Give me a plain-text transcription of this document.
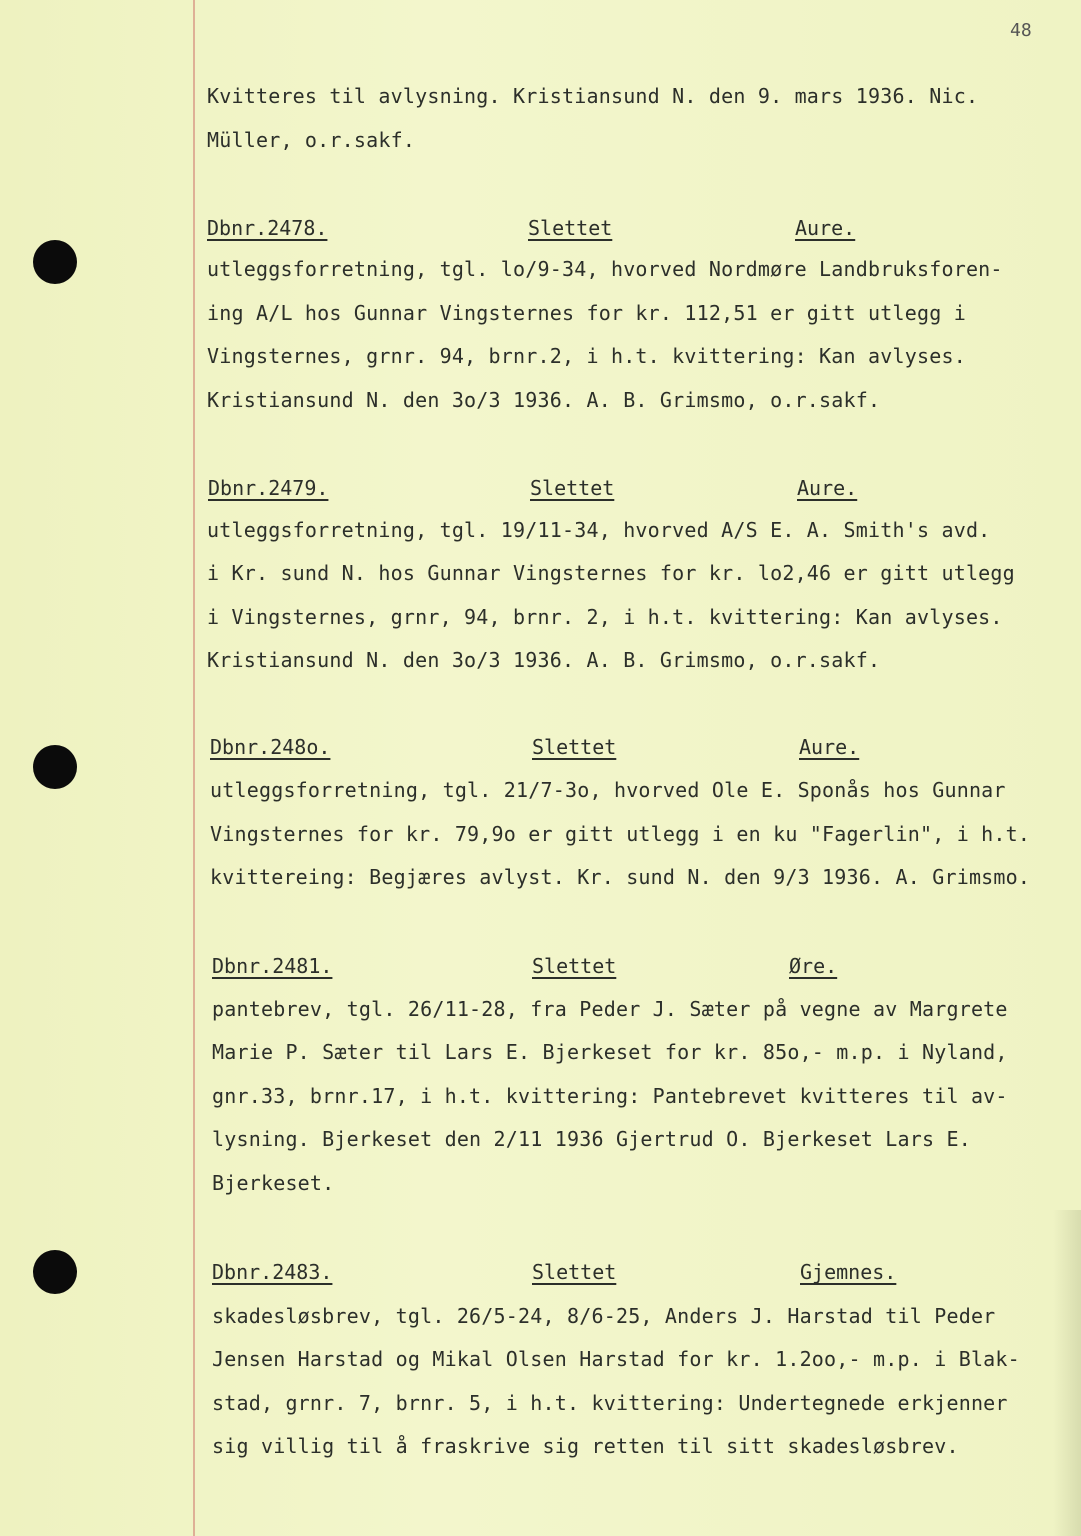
48
Kvitteres til avlysning. Kristiansund N. den 9. mars 1936. Nic.
Müller, o.r.sakf.
Dbnr.2478.	Slettet	Aure.
utleggsforretning, tgl. lo/9-34, hvorved Nordmøre Landbruksforen-
ing A/L hos Gunnar Vingsternes for kr. 112,51 er gitt utlegg i
Vingsternes, grnr. 94, brnr.2, i h.t. kvittering: Kan avlyses.
Kristiansund N. den 3o/3 1936. A. B. Grimsmo, o.r.sakf.
Dbnr.2479.	Slettet	Aure.
utleggsforretning, tgl. 19/11-34, hvorved A/S E. A. Smith's avd.
i Kr. sund N. hos Gunnar Vingsternes for kr. lo2,46 er gitt utlegg
i Vingsternes, grnr, 94, brnr. 2, i h.t. kvittering: Kan avlyses.
Kristiansund N. den 3o/3 1936. A. B. Grimsmo, o.r.sakf.
Dbnr.248o.	Slettet	Aure.
utleggsforretning, tgl. 21/7-3o, hvorved Ole E. Sponås hos Gunnar
Vingsternes for kr. 79,9o er gitt utlegg i en ku "Fagerlin", i h.t.
kvittereing: Begjæres avlyst. Kr. sund N. den 9/3 1936. A. Grimsmo.
Dbnr.2481.	Slettet	Øre.
pantebrev, tgl. 26/11-28, fra Peder J. Sæter på vegne av Margrete
Marie P. Sæter til Lars E. Bjerkeset for kr. 85o,- m.p. i Nyland,
gnr.33, brnr.17, i h.t. kvittering: Pantebrevet kvitteres til av-
lysning. Bjerkeset den 2/11 1936 Gjertrud O. Bjerkeset Lars E.
Bjerkeset.
Dbnr.2483.	Slettet	Gjemnes.
skadesløsbrev, tgl. 26/5-24, 8/6-25, Anders J. Harstad til Peder
Jensen Harstad og Mikal Olsen Harstad for kr. 1.2oo,- m.p. i Blak-
stad, grnr. 7, brnr. 5, i h.t. kvittering: Undertegnede erkjenner
sig villig til å fraskrive sig retten til sitt skadesløsbrev.
